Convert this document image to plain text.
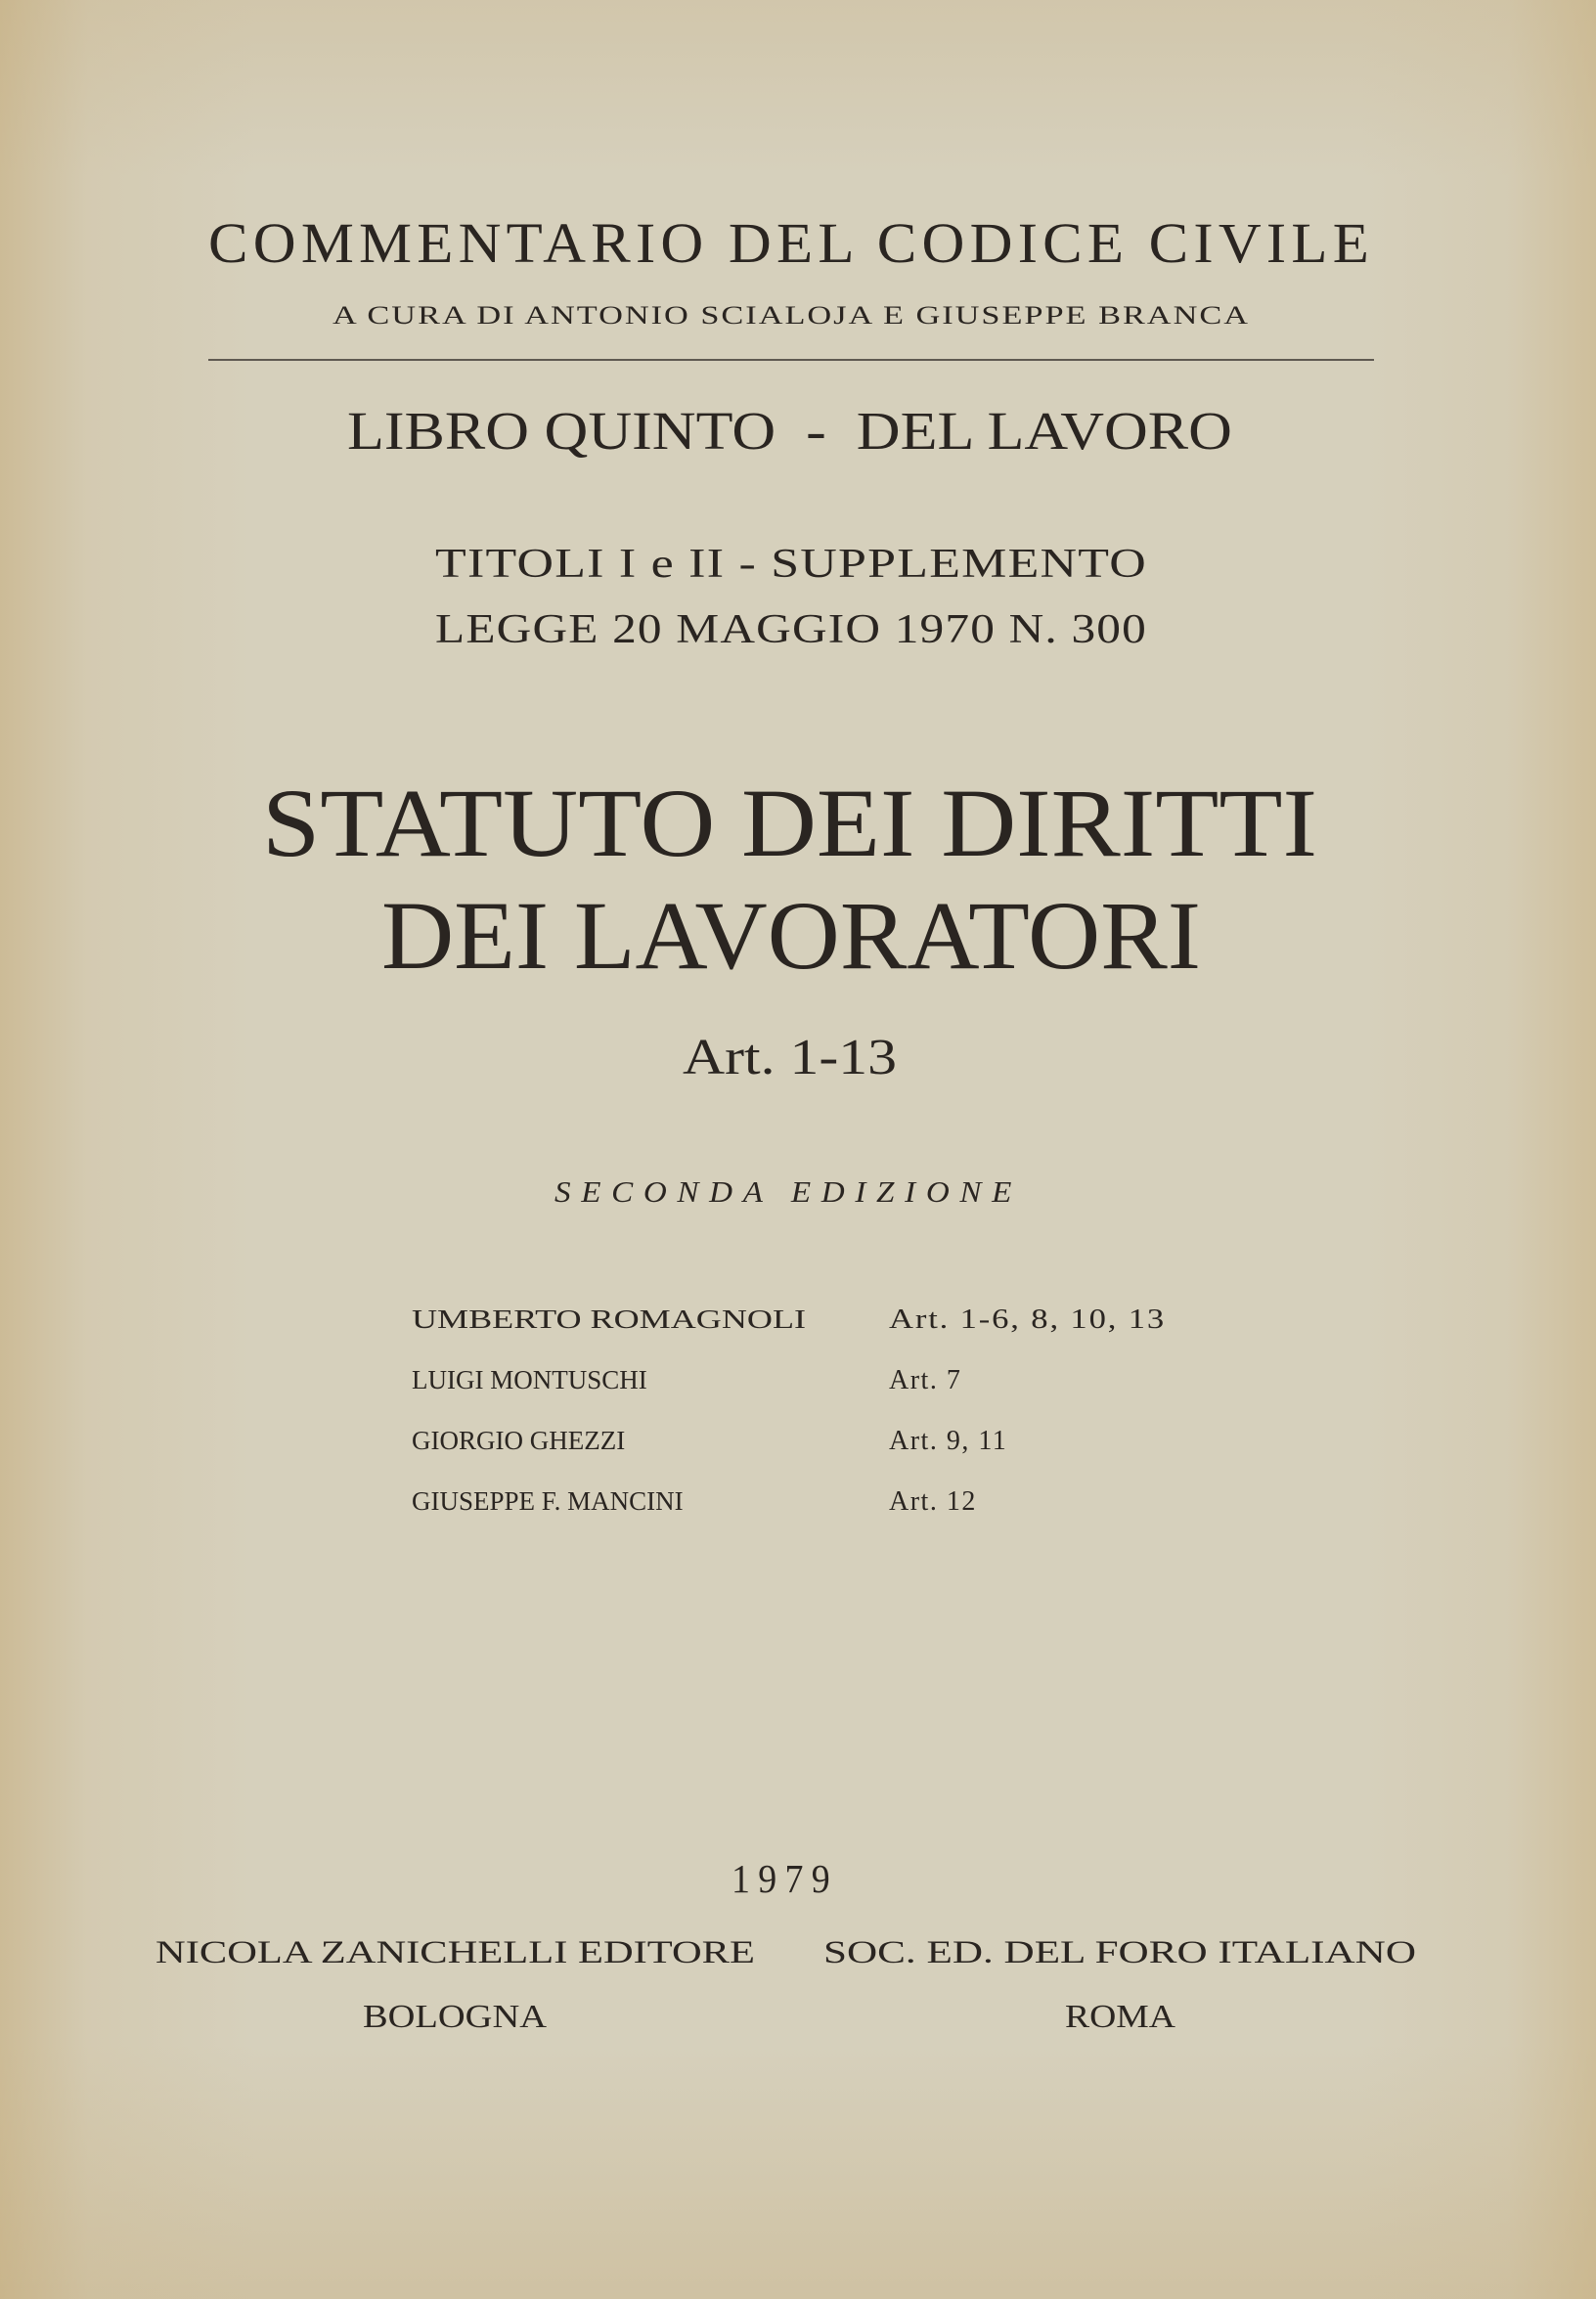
COMMENTARIO DEL CODICE CIVILE
A CURA DI ANTONIO SCIALOJA E GIUSEPPE BRANCA
LIBRO QUINTO  -  DEL LAVORO
TITOLI I e II - SUPPLEMENTO
LEGGE 20 MAGGIO 1970 N. 300
STATUTO DEI DIRITTI
DEI LAVORATORI
Art. 1-13
SECONDA EDIZIONE
UMBERTO ROMAGNOLI	Art. 1-6, 8, 10, 13
LUIGI MONTUSCHI	Art. 7
GIORGIO GHEZZI	Art. 9, 11
GIUSEPPE F. MANCINI	Art. 12
1979
NICOLA ZANICHELLI EDITORE SOC. ED. DEL FORO ITALIANO
BOLOGNA	ROMA
